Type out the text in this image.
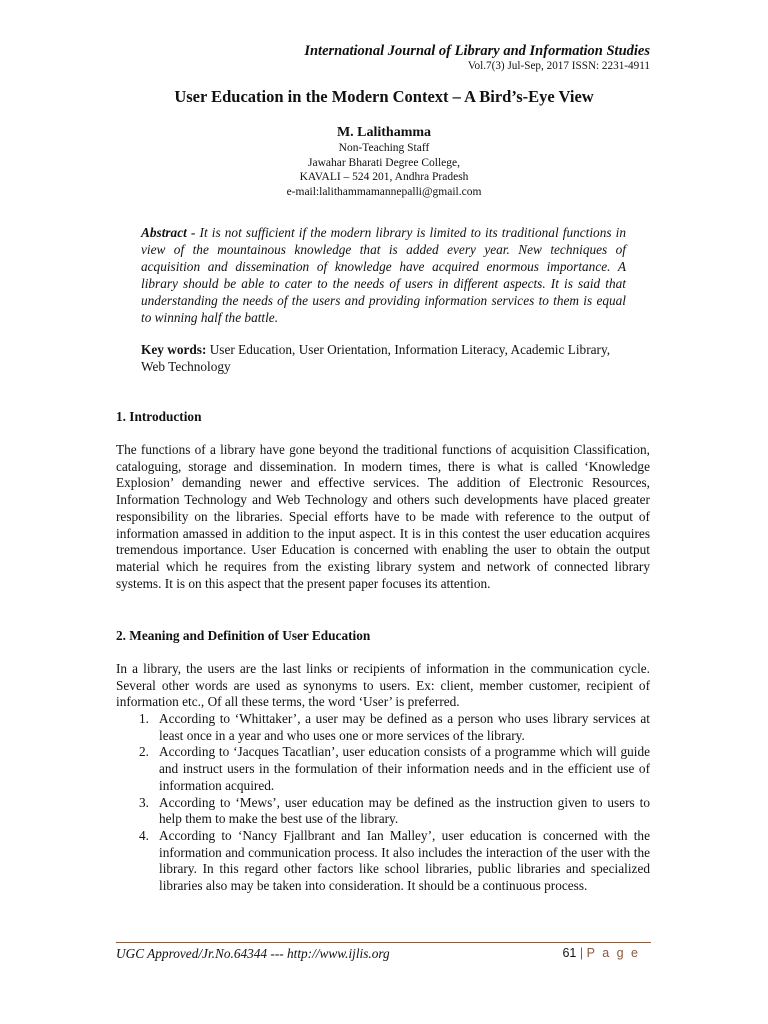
International Journal of Library and Information Studies
Vol.7(3) Jul-Sep, 2017 ISSN: 2231-4911
User Education in the Modern Context – A Bird’s-Eye View
M. Lalithamma
Non-Teaching Staff
Jawahar Bharati Degree College,
KAVALI – 524 201, Andhra Pradesh
e-mail:lalithammamannepalli@gmail.com
Abstract - It is not sufficient if the modern library is limited to its traditional functions in view of the mountainous knowledge that is added every year. New techniques of acquisition and dissemination of knowledge have acquired enormous importance. A library should be able to cater to the needs of users in different aspects. It is said that understanding the needs of the users and providing information services to them is equal to winning half the battle.
Key words: User Education, User Orientation, Information Literacy, Academic Library, Web Technology
1. Introduction
The functions of a library have gone beyond the traditional functions of acquisition Classification, cataloguing, storage and dissemination. In modern times, there is what is called ‘Knowledge Explosion’ demanding newer and effective services. The addition of Electronic Resources, Information Technology and Web Technology and others such developments have placed greater responsibility on the libraries. Special efforts have to be made with reference to the output of information amassed in addition to the input aspect. It is in this contest the user education acquires tremendous importance. User Education is concerned with enabling the user to obtain the output material which he requires from the existing library system and network of connected library systems. It is on this aspect that the present paper focuses its attention.
2. Meaning and Definition of User Education
In a library, the users are the last links or recipients of information in the communication cycle. Several other words are used as synonyms to users. Ex: client, member customer, recipient of information etc., Of all these terms, the word ‘User’ is preferred.
1. According to ‘Whittaker’, a user may be defined as a person who uses library services at least once in a year and who uses one or more services of the library.
2. According to ‘Jacques Tacatlian’, user education consists of a programme which will guide and instruct users in the formulation of their information needs and in the efficient use of information acquired.
3. According to ‘Mews’, user education may be defined as the instruction given to users to help them to make the best use of the library.
4. According to ‘Nancy Fjallbrant and Ian Malley’, user education is concerned with the information and communication process. It also includes the interaction of the user with the library. In this regard other factors like school libraries, public libraries and specialized libraries also may be taken into consideration. It should be a continuous process.
UGC Approved/Jr.No.64344 --- http://www.ijlis.org	61 | P a g e
